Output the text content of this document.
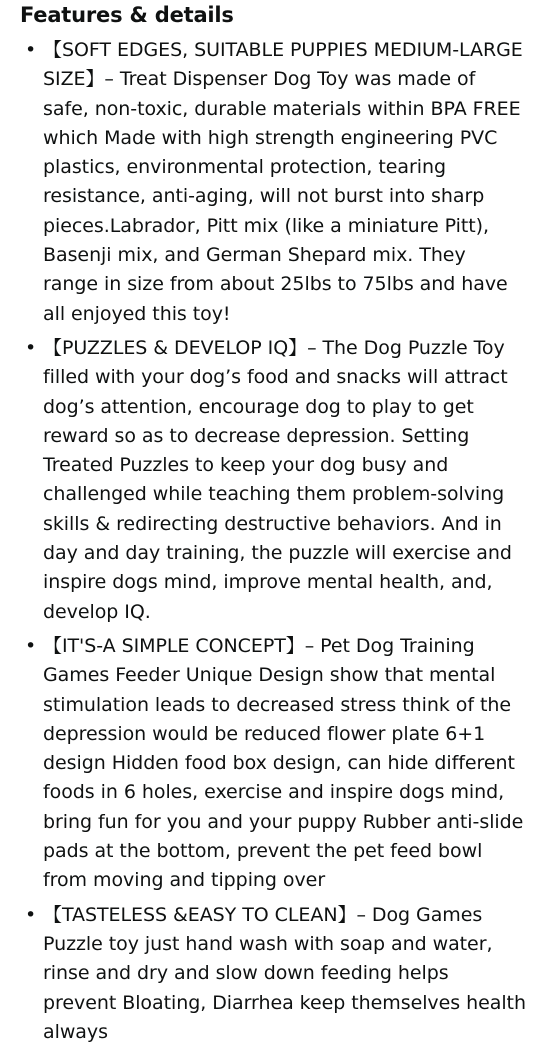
Features & details
• 【SOFT EDGES, SUITABLE PUPPIES MEDIUM-LARGE SIZE】– Treat Dispenser Dog Toy was made of safe, non-toxic, durable materials within BPA FREE which Made with high strength engineering PVC plastics, environmental protection, tearing resistance, anti-aging, will not burst into sharp pieces.Labrador, Pitt mix (like a miniature Pitt), Basenji mix, and German Shepard mix. They range in size from about 25lbs to 75lbs and have all enjoyed this toy!
• 【PUZZLES & DEVELOP IQ】– The Dog Puzzle Toy filled with your dog’s food and snacks will attract dog’s attention, encourage dog to play to get reward so as to decrease depression. Setting Treated Puzzles to keep your dog busy and challenged while teaching them problem-solving skills & redirecting destructive behaviors. And in day and day training, the puzzle will exercise and inspire dogs mind, improve mental health, and, develop IQ.
• 【IT'S-A SIMPLE CONCEPT】– Pet Dog Training Games Feeder Unique Design show that mental stimulation leads to decreased stress think of the depression would be reduced flower plate 6+1 design Hidden food box design, can hide different foods in 6 holes, exercise and inspire dogs mind, bring fun for you and your puppy Rubber anti-slide pads at the bottom, prevent the pet feed bowl from moving and tipping over
• 【TASTELESS &EASY TO CLEAN】– Dog Games Puzzle toy just hand wash with soap and water, rinse and dry and slow down feeding helps prevent Bloating, Diarrhea keep themselves health always
